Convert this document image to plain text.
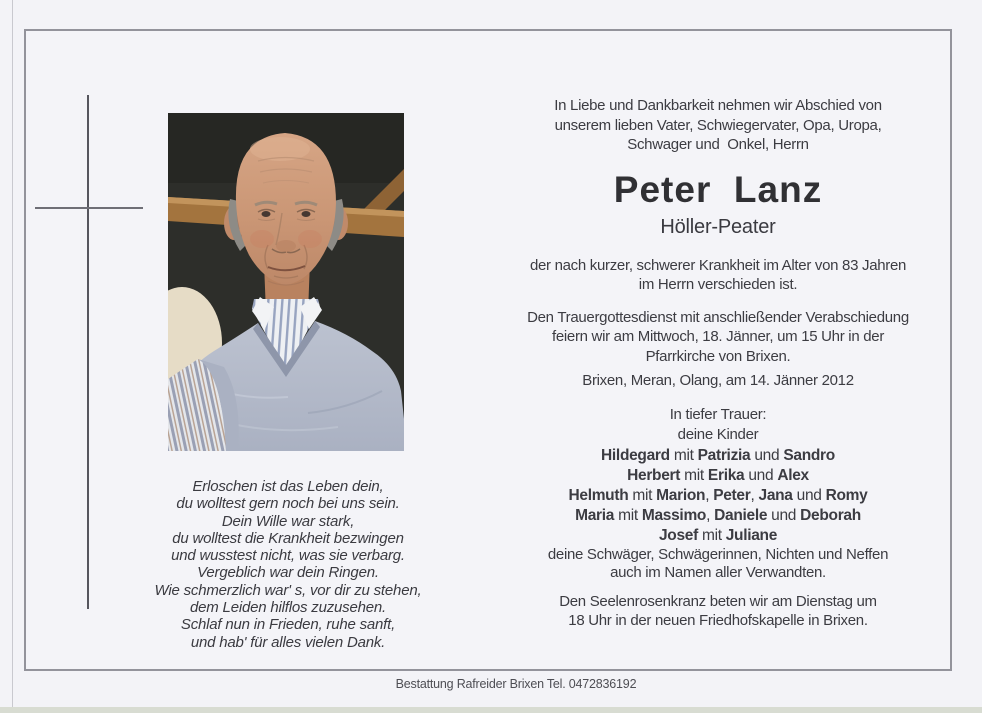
Erloschen ist das Leben dein,
du wolltest gern noch bei uns sein.
Dein Wille war stark,
du wolltest die Krankheit bezwingen
und wusstest nicht, was sie verbarg.
Vergeblich war dein Ringen.
Wie schmerzlich war' s, vor dir zu stehen,
dem Leiden hilflos zuzusehen.
Schlaf nun in Frieden, ruhe sanft,
und hab' für alles vielen Dank.
In Liebe und Dankbarkeit nehmen wir Abschied von
unserem lieben Vater, Schwiegervater, Opa, Uropa,
Schwager und  Onkel, Herrn
Peter  Lanz
Höller-Peater
der nach kurzer, schwerer Krankheit im Alter von 83 Jahren
im Herrn verschieden ist.
Den Trauergottesdienst mit anschließender Verabschiedung
feiern wir am Mittwoch, 18. Jänner, um 15 Uhr in der
Pfarrkirche von Brixen.
Brixen, Meran, Olang, am 14. Jänner 2012
In tiefer Trauer:
deine Kinder
Hildegard mit Patrizia und Sandro
Herbert mit Erika und Alex
Helmuth mit Marion, Peter, Jana und Romy
Maria mit Massimo, Daniele und Deborah
Josef mit Juliane
deine Schwäger, Schwägerinnen, Nichten und Neffen
auch im Namen aller Verwandten.
Den Seelenrosenkranz beten wir am Dienstag um
18 Uhr in der neuen Friedhofskapelle in Brixen.
Bestattung Rafreider Brixen Tel. 0472836192
